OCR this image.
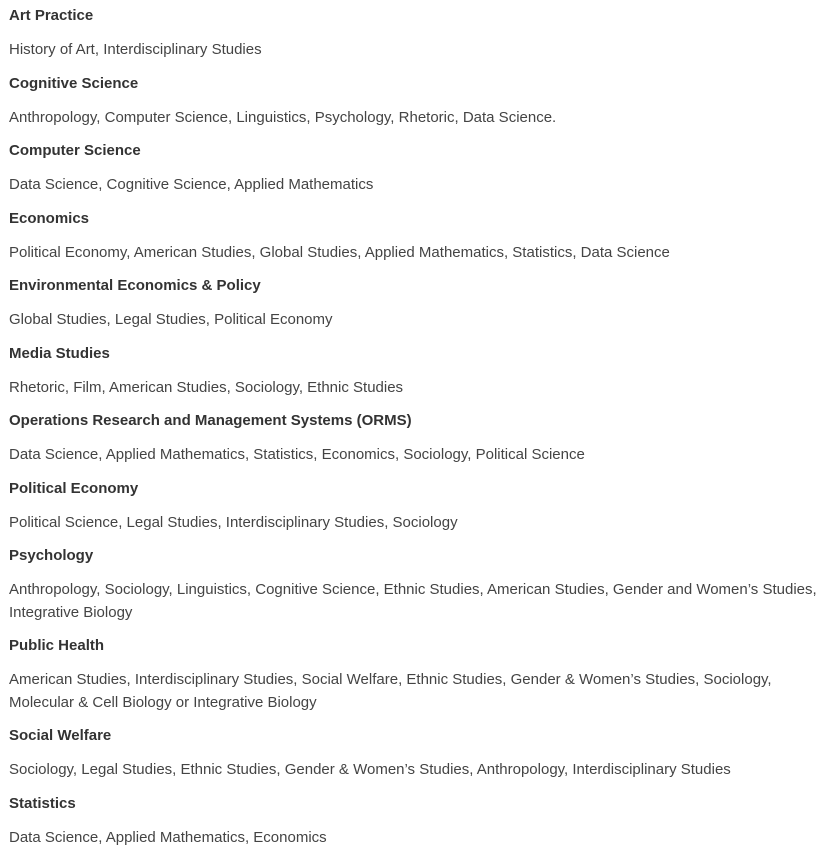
Art Practice
History of Art, Interdisciplinary Studies
Cognitive Science
Anthropology, Computer Science, Linguistics, Psychology, Rhetoric, Data Science.
Computer Science
Data Science, Cognitive Science, Applied Mathematics
Economics
Political Economy, American Studies, Global Studies, Applied Mathematics, Statistics, Data Science
Environmental Economics & Policy
Global Studies, Legal Studies, Political Economy
Media Studies
Rhetoric, Film, American Studies, Sociology, Ethnic Studies
Operations Research and Management Systems (ORMS)
Data Science, Applied Mathematics, Statistics, Economics, Sociology, Political Science
Political Economy
Political Science, Legal Studies, Interdisciplinary Studies, Sociology
Psychology
Anthropology, Sociology, Linguistics, Cognitive Science, Ethnic Studies, American Studies, Gender and Women’s Studies, Integrative Biology
Public Health
American Studies, Interdisciplinary Studies, Social Welfare, Ethnic Studies, Gender & Women’s Studies, Sociology, Molecular & Cell Biology or Integrative Biology
Social Welfare
Sociology, Legal Studies, Ethnic Studies, Gender & Women’s Studies, Anthropology, Interdisciplinary Studies
Statistics
Data Science, Applied Mathematics, Economics
